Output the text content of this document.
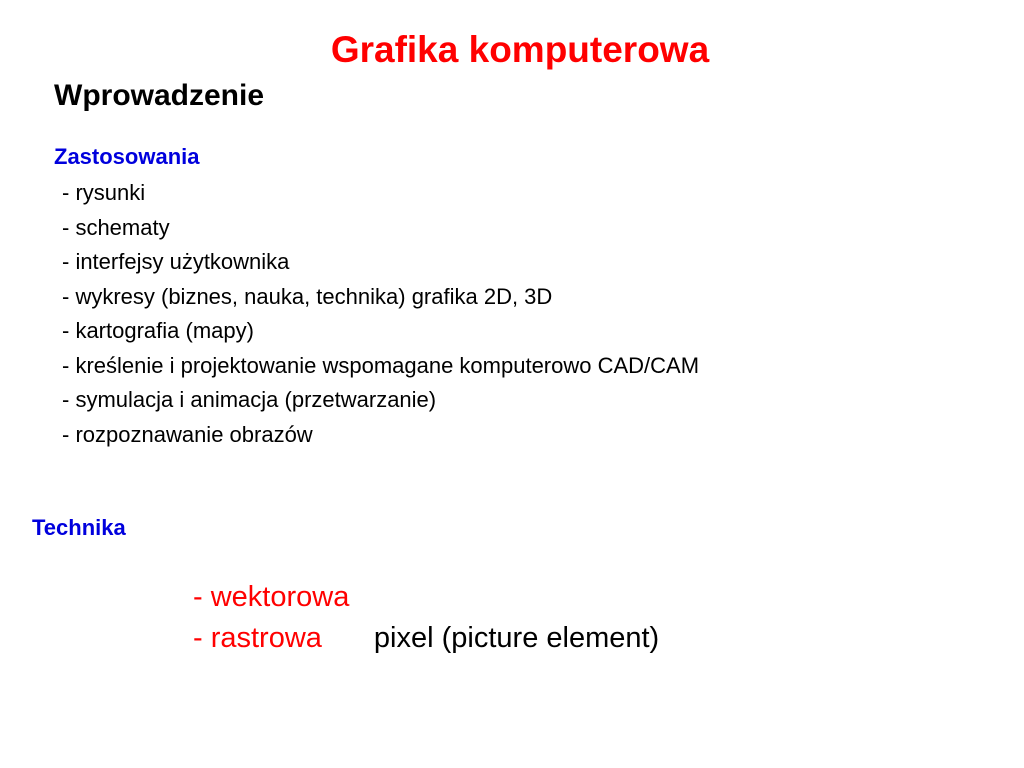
Grafika komputerowa
Wprowadzenie
Zastosowania
- rysunki
- schematy
- interfejsy użytkownika
- wykresy (biznes, nauka, technika) grafika 2D, 3D
- kartografia (mapy)
- kreślenie i projektowanie wspomagane komputerowo CAD/CAM
- symulacja i animacja (przetwarzanie)
- rozpoznawanie obrazów
Technika
- wektorowa
- rastrowa pixel (picture element)
